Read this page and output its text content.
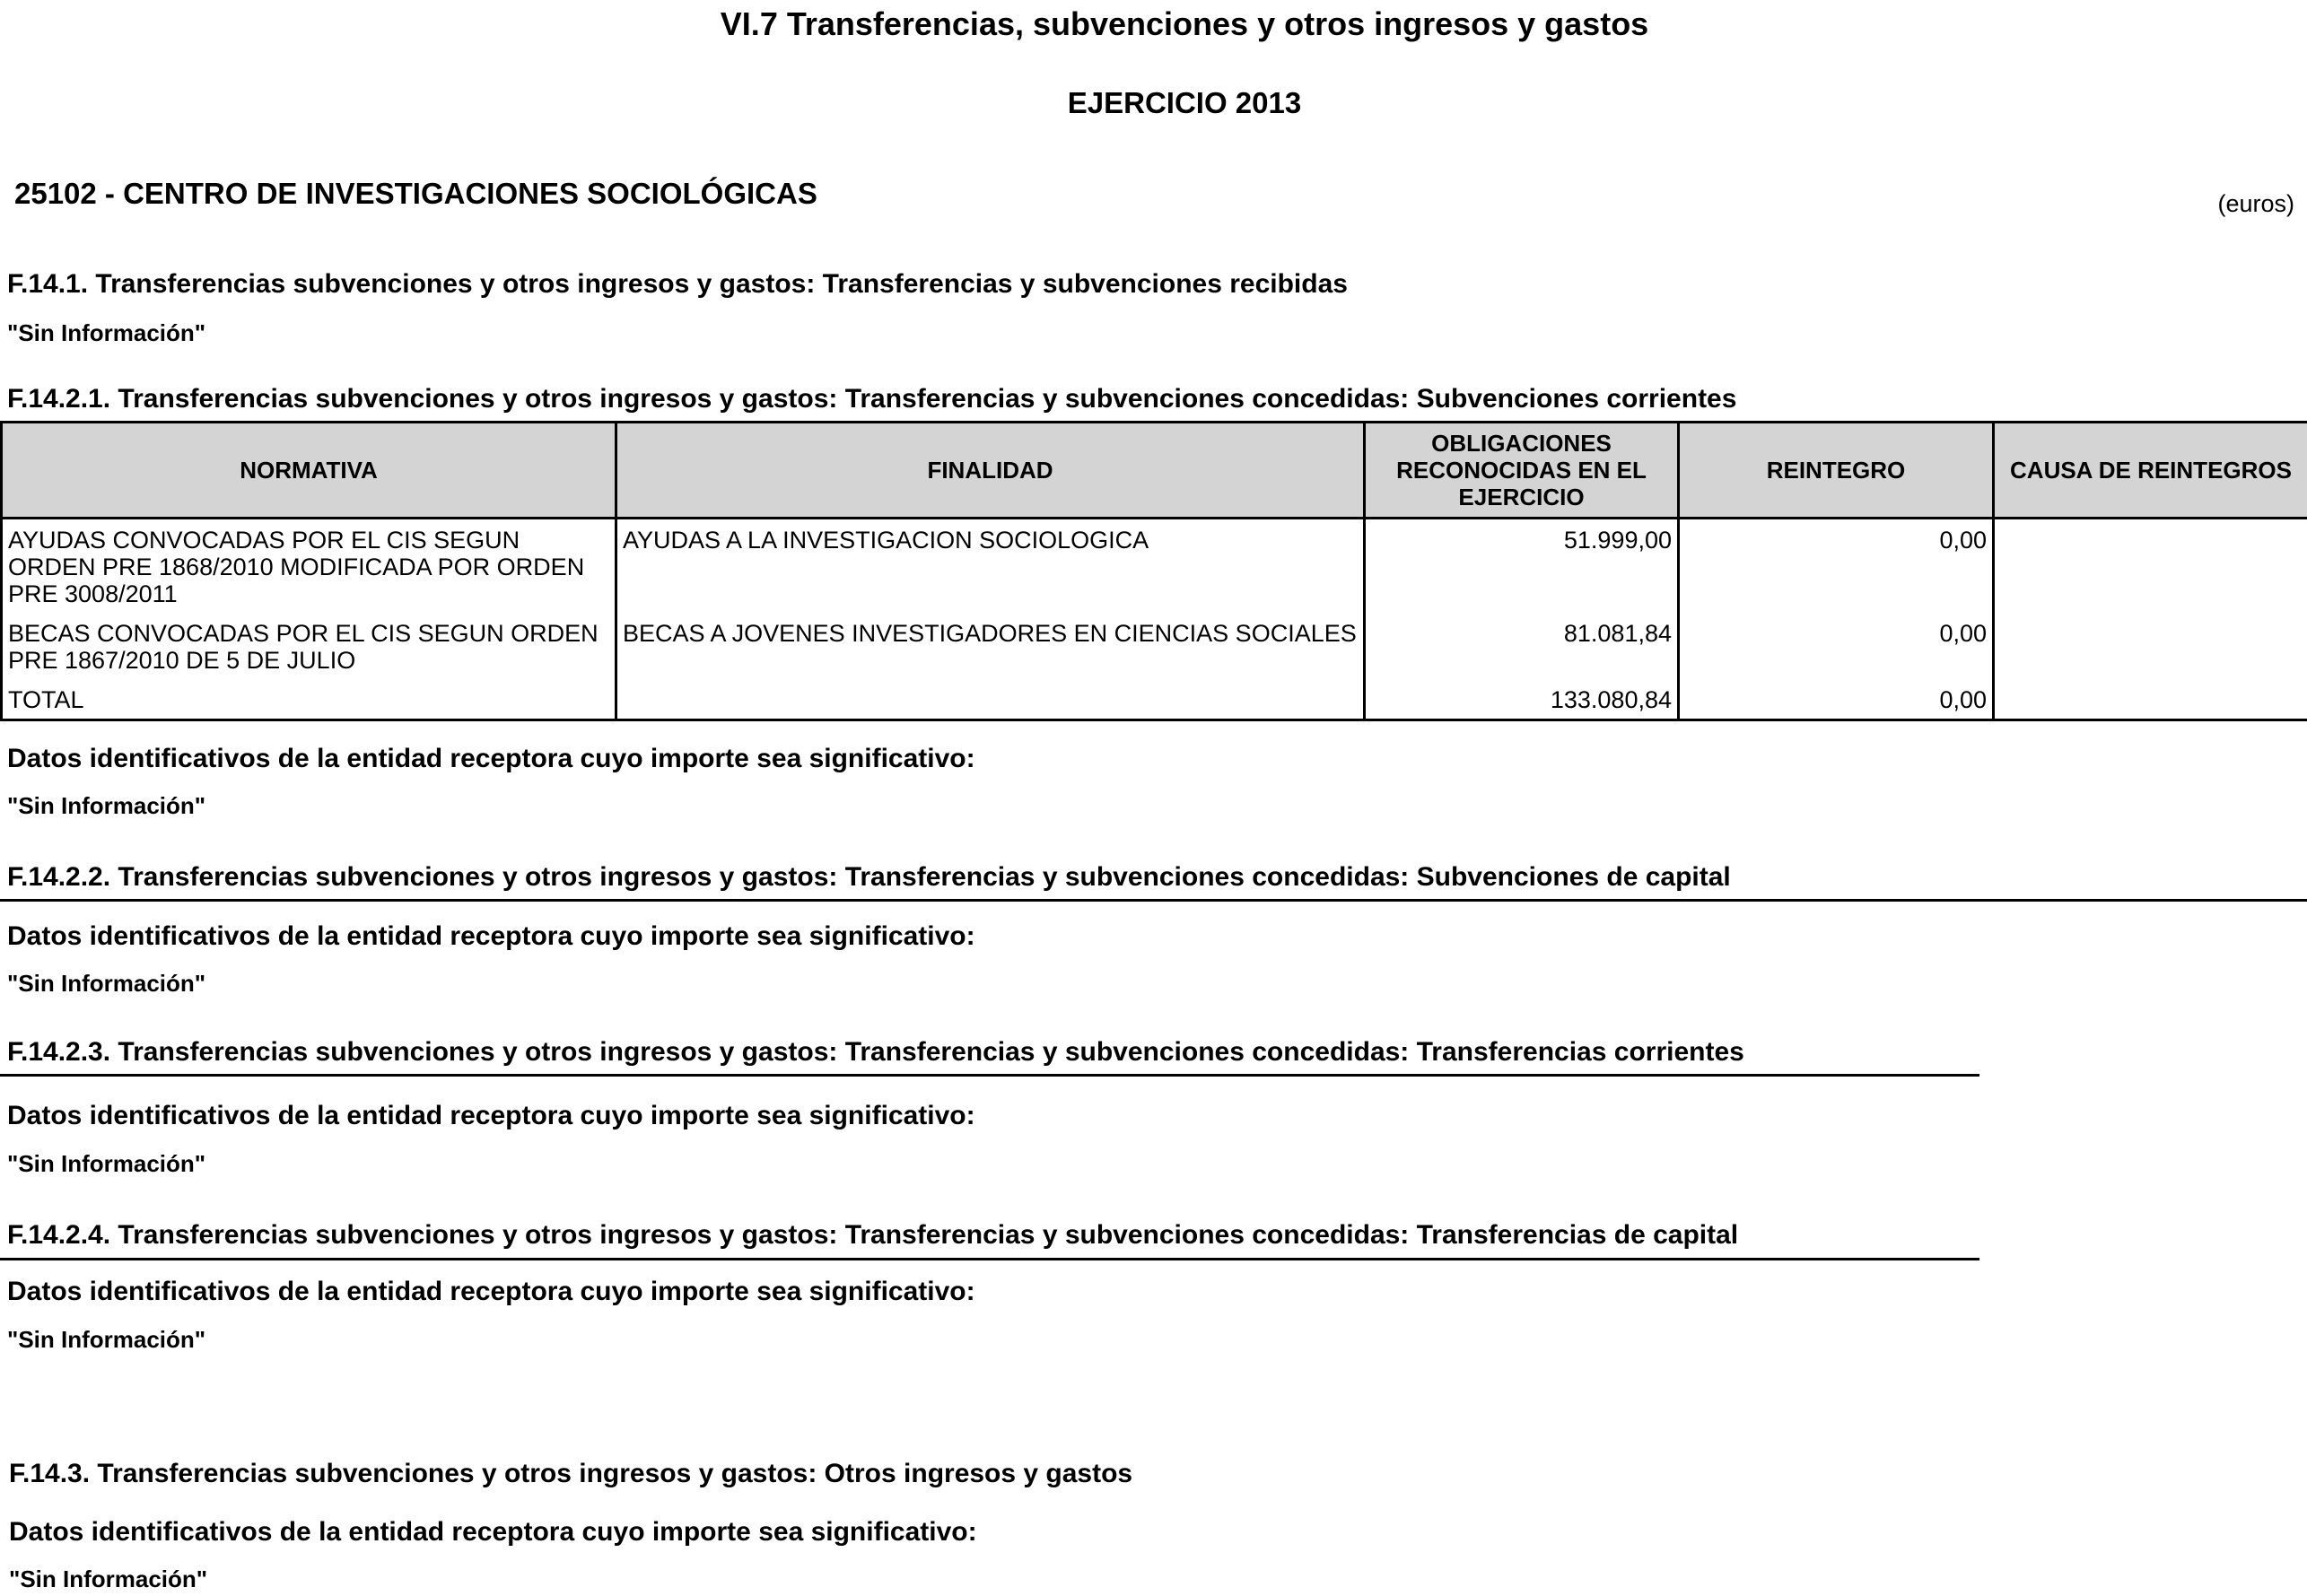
VI.7 Transferencias, subvenciones y otros ingresos y gastos
EJERCICIO 2013
25102 - CENTRO DE INVESTIGACIONES SOCIOLÓGICAS	(euros)
F.14.1. Transferencias subvenciones y otros ingresos y gastos: Transferencias y subvenciones recibidas
"Sin Información"
F.14.2.1. Transferencias subvenciones y otros ingresos y gastos: Transferencias y subvenciones concedidas: Subvenciones corrientes
NORMATIVA	FINALIDAD	OBLIGACIONES RECONOCIDAS EN EL EJERCICIO	REINTEGRO	CAUSA DE REINTEGROS
AYUDAS CONVOCADAS POR EL CIS SEGUN ORDEN PRE 1868/2010 MODIFICADA POR ORDEN PRE 3008/2011	AYUDAS A LA INVESTIGACION SOCIOLOGICA	51.999,00	0,00	
BECAS CONVOCADAS POR EL CIS SEGUN ORDEN PRE 1867/2010 DE 5 DE JULIO	BECAS A JOVENES INVESTIGADORES EN CIENCIAS SOCIALES	81.081,84	0,00	
TOTAL		133.080,84	0,00	
Datos identificativos de la entidad receptora cuyo importe sea significativo:
"Sin Información"
F.14.2.2. Transferencias subvenciones y otros ingresos y gastos: Transferencias y subvenciones concedidas: Subvenciones de capital
Datos identificativos de la entidad receptora cuyo importe sea significativo:
"Sin Información"
F.14.2.3. Transferencias subvenciones y otros ingresos y gastos: Transferencias y subvenciones concedidas: Transferencias corrientes
Datos identificativos de la entidad receptora cuyo importe sea significativo:
"Sin Información"
F.14.2.4. Transferencias subvenciones y otros ingresos y gastos: Transferencias y subvenciones concedidas: Transferencias de capital
Datos identificativos de la entidad receptora cuyo importe sea significativo:
"Sin Información"
F.14.3. Transferencias subvenciones y otros ingresos y gastos: Otros ingresos y gastos
Datos identificativos de la entidad receptora cuyo importe sea significativo:
"Sin Información"
